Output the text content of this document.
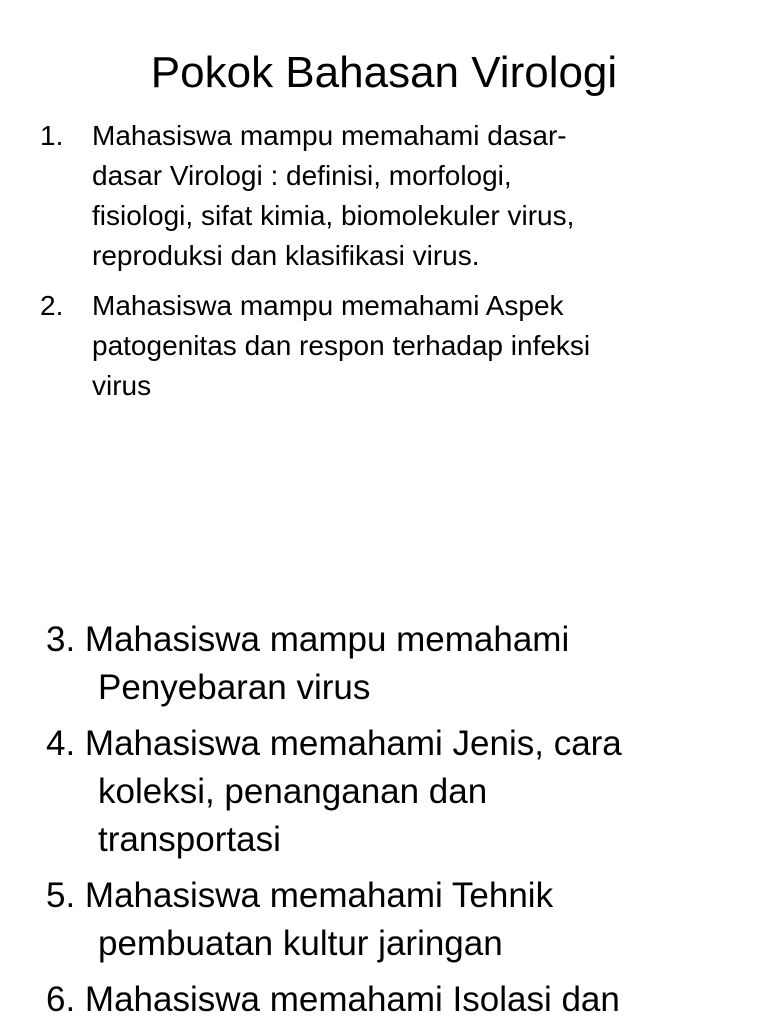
Pokok Bahasan Virologi
1.	Mahasiswa mampu memahami dasar-
dasar Virologi : definisi, morfologi,
fisiologi, sifat kimia, biomolekuler virus,
reproduksi dan klasifikasi virus.
2.	Mahasiswa mampu memahami Aspek
patogenitas dan respon terhadap infeksi
virus
3. Mahasiswa mampu memahami
Penyebaran virus
4. Mahasiswa memahami Jenis, cara
koleksi, penanganan dan
transportasi
5. Mahasiswa memahami Tehnik
pembuatan kultur jaringan
6. Mahasiswa memahami Isolasi dan
